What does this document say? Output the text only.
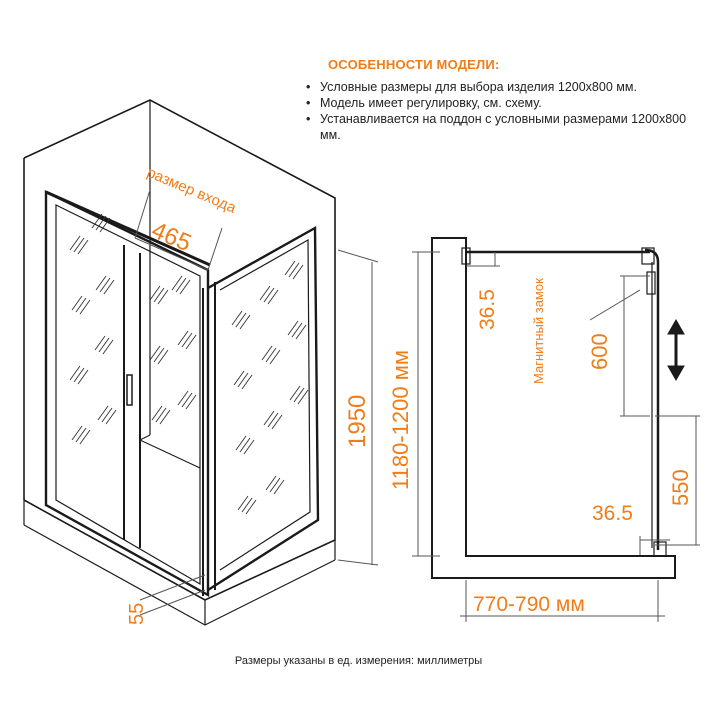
размер входа
465
1950
55
1180-1200 мм
36.5 Магнитный замок 600
550
36.5
770-790 мм
ОСОБЕННОСТИ МОДЕЛИ:
• Условные размеры для выбора изделия 1200х800 мм.
• Модель имеет регулировку, см. схему.
• Устанавливается на поддон с условными размерами 1200х800 мм.
Размеры указаны в ед. измерения: миллиметры
